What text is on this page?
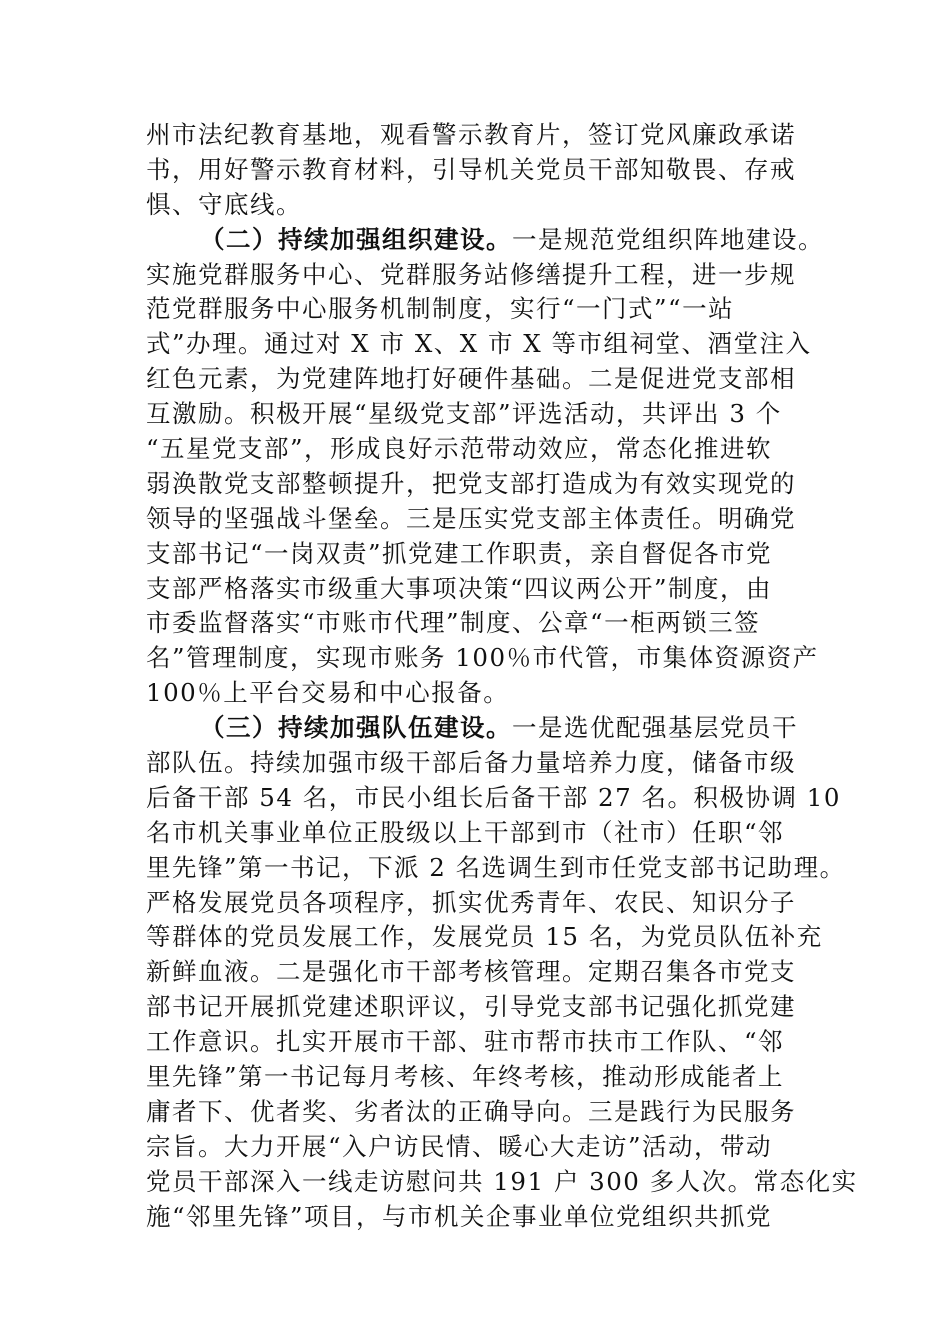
州市法纪教育基地，观看警示教育片，签订党风廉政承诺
书，用好警示教育材料，引导机关党员干部知敬畏、存戒
惧、守底线。
（二）持续加强组织建设。一是规范党组织阵地建设。
实施党群服务中心、党群服务站修缮提升工程，进一步规
范党群服务中心服务机制制度，实行“一门式”“一站
式”办理。通过对 X 市 X、X 市 X 等市组祠堂、酒堂注入
红色元素，为党建阵地打好硬件基础。二是促进党支部相
互激励。积极开展“星级党支部”评选活动，共评出 3 个
“五星党支部”，形成良好示范带动效应，常态化推进软
弱涣散党支部整顿提升，把党支部打造成为有效实现党的
领导的坚强战斗堡垒。三是压实党支部主体责任。明确党
支部书记“一岗双责”抓党建工作职责，亲自督促各市党
支部严格落实市级重大事项决策“四议两公开”制度，由
市委监督落实“市账市代理”制度、公章“一柜两锁三签
名”管理制度，实现市账务 100％市代管，市集体资源资产
100％上平台交易和中心报备。
（三）持续加强队伍建设。一是选优配强基层党员干
部队伍。持续加强市级干部后备力量培养力度，储备市级
后备干部 54 名，市民小组长后备干部 27 名。积极协调 10
名市机关事业单位正股级以上干部到市（社市）任职“邻
里先锋”第一书记，下派 2 名选调生到市任党支部书记助理。
严格发展党员各项程序，抓实优秀青年、农民、知识分子
等群体的党员发展工作，发展党员 15 名，为党员队伍补充
新鲜血液。二是强化市干部考核管理。定期召集各市党支
部书记开展抓党建述职评议，引导党支部书记强化抓党建
工作意识。扎实开展市干部、驻市帮市扶市工作队、“邻
里先锋”第一书记每月考核、年终考核，推动形成能者上
庸者下、优者奖、劣者汰的正确导向。三是践行为民服务
宗旨。大力开展“入户访民情、暖心大走访”活动，带动
党员干部深入一线走访慰问共 191 户 300 多人次。常态化实
施“邻里先锋”项目，与市机关企事业单位党组织共抓党
